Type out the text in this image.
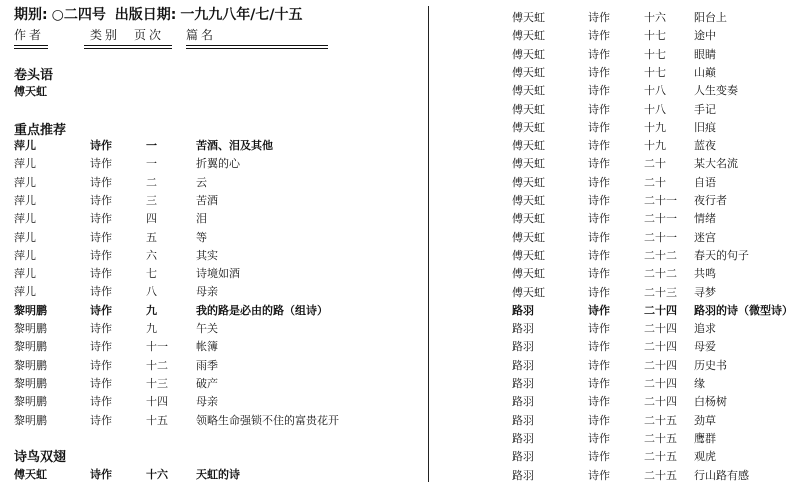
期别: ○二四号 出版日期: 一九九八年/七/十五
作者	类别 页次 篇名
卷头语
傅天虹
重点推荐
萍儿	诗作	一	苦酒、泪及其他
萍儿	诗作	一	折翼的心
萍儿	诗作	二	云
萍儿	诗作	三	苦酒
萍儿	诗作	四	泪
萍儿	诗作	五	等
萍儿	诗作	六	其实
萍儿	诗作	七	诗境如酒
萍儿	诗作	八	母亲
黎明鹏	诗作	九	我的路是必由的路（组诗）
黎明鹏	诗作	九	午关
黎明鹏	诗作	十一	帐簿
黎明鹏	诗作	十二	雨季
黎明鹏	诗作	十三	破产
黎明鹏	诗作	十四	母亲
黎明鹏	诗作	十五	领略生命强锁不住的富贵花开
诗鸟双翅
傅天虹	诗作	十六	天虹的诗
傅天虹	诗作	十六	阳台上
傅天虹	诗作	十七	途中
傅天虹	诗作	十七	眼睛
傅天虹	诗作	十七	山巅
傅天虹	诗作	十八	人生变奏
傅天虹	诗作	十八	手记
傅天虹	诗作	十九	旧痕
傅天虹	诗作	十九	蓝夜
傅天虹	诗作	二十	某大名流
傅天虹	诗作	二十	自语
傅天虹	诗作	二十一 夜行者
傅天虹	诗作	二十一 情绪
傅天虹	诗作	二十一 迷宫
傅天虹	诗作	二十二 春天的句子
傅天虹	诗作	二十二 共鸣
傅天虹	诗作	二十三 寻梦
路羽	诗作	二十四 路羽的诗（微型诗）
路羽	诗作	二十四 追求
路羽	诗作	二十四 母爱
路羽	诗作	二十四 历史书
路羽	诗作	二十四 缘
路羽	诗作	二十四 白杨树
路羽	诗作	二十五 劲草
路羽	诗作	二十五 鹰群
路羽	诗作	二十五 观虎
路羽	诗作	二十五 行山路有感
